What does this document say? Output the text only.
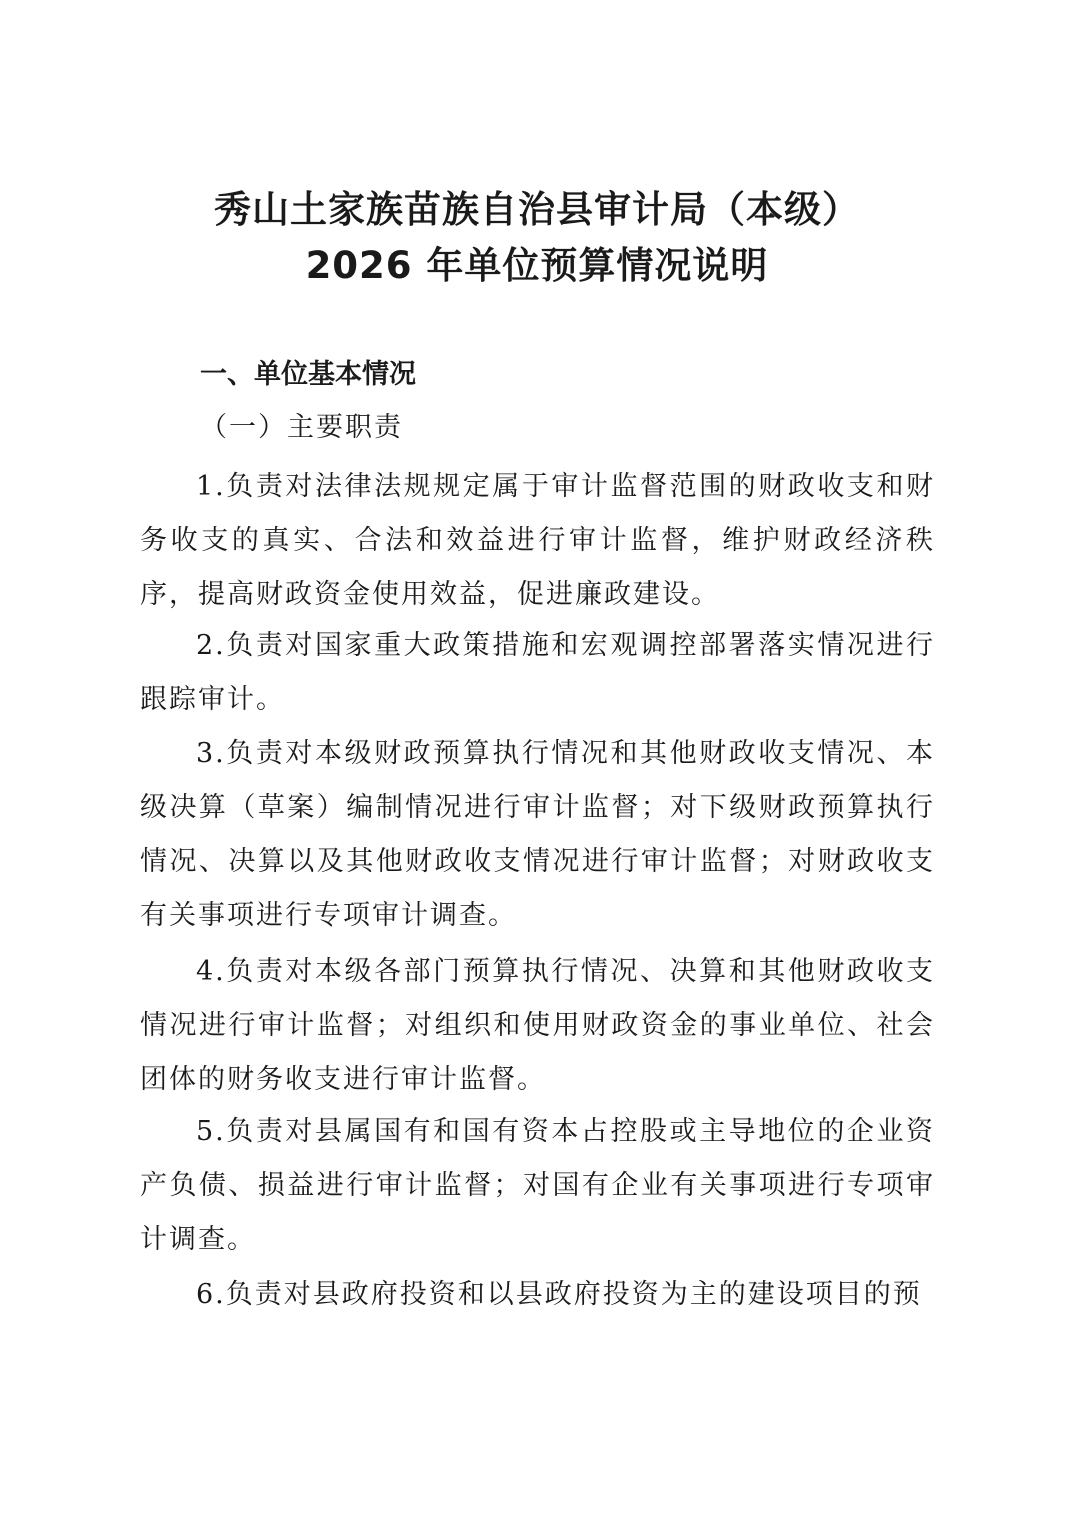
秀山土家族苗族自治县审计局（本级）
2026 年单位预算情况说明
一、单位基本情况
（一）主要职责

1.负责对法律法规规定属于审计监督范围的财政收支和财务收支的真实、合法和效益进行审计监督，维护财政经济秩序，提高财政资金使用效益，促进廉政建设。

2.负责对国家重大政策措施和宏观调控部署落实情况进行跟踪审计。

3.负责对本级财政预算执行情况和其他财政收支情况、本级决算（草案）编制情况进行审计监督；对下级财政预算执行情况、决算以及其他财政收支情况进行审计监督；对财政收支有关事项进行专项审计调查。

4.负责对本级各部门预算执行情况、决算和其他财政收支情况进行审计监督；对组织和使用财政资金的事业单位、社会团体的财务收支进行审计监督。

5.负责对县属国有和国有资本占控股或主导地位的企业资产负债、损益进行审计监督；对国有企业有关事项进行专项审计调查。

6.负责对县政府投资和以县政府投资为主的建设项目的预
